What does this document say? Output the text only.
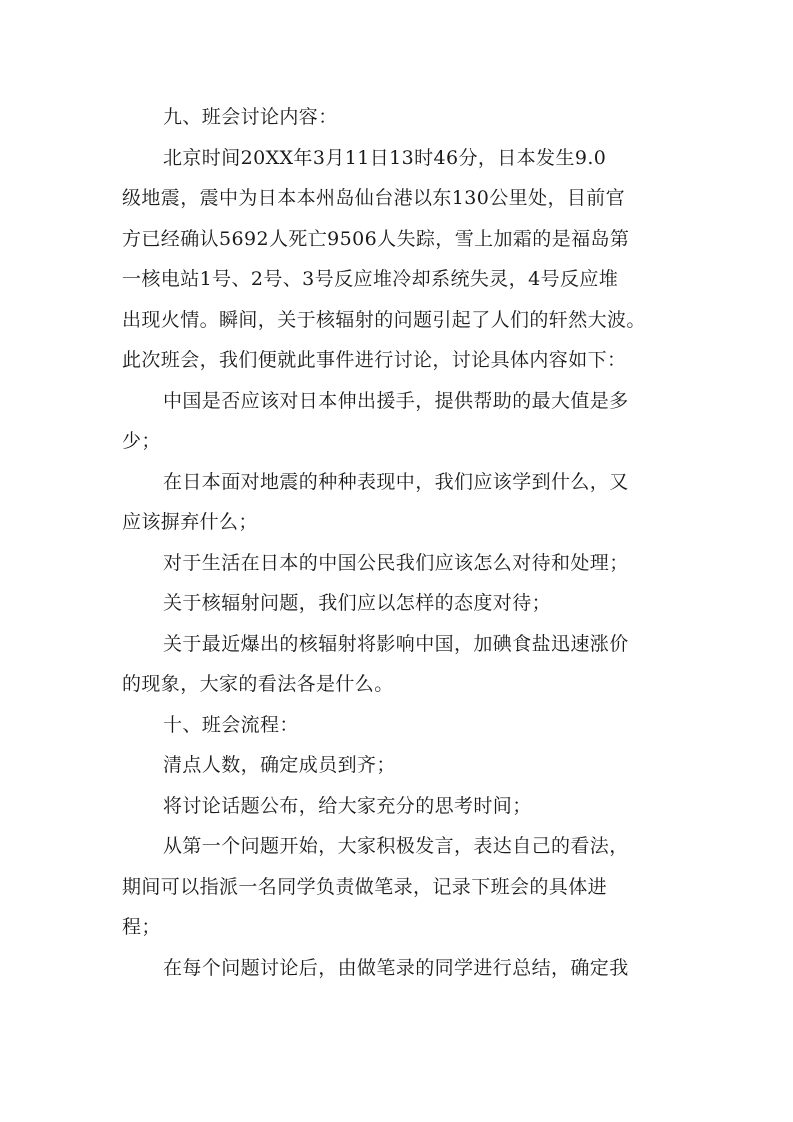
九、班会讨论内容：

北京时间20XX年3月11日13时46分，日本发生9.0

级地震，震中为日本本州岛仙台港以东130公里处，目前官

方已经确认5692人死亡9506人失踪，雪上加霜的是福岛第

一核电站1号、2号、3号反应堆冷却系统失灵，4号反应堆

出现火情。瞬间，关于核辐射的问题引起了人们的轩然大波。

此次班会，我们便就此事件进行讨论，讨论具体内容如下：

中国是否应该对日本伸出援手，提供帮助的最大值是多

少；

在日本面对地震的种种表现中，我们应该学到什么，又

应该摒弃什么；

对于生活在日本的中国公民我们应该怎么对待和处理；

关于核辐射问题，我们应以怎样的态度对待；

关于最近爆出的核辐射将影响中国，加碘食盐迅速涨价

的现象，大家的看法各是什么。

十、班会流程：

清点人数，确定成员到齐；

将讨论话题公布，给大家充分的思考时间；

从第一个问题开始，大家积极发言，表达自己的看法，

期间可以指派一名同学负责做笔录，记录下班会的具体进

程；

在每个问题讨论后，由做笔录的同学进行总结，确定我
